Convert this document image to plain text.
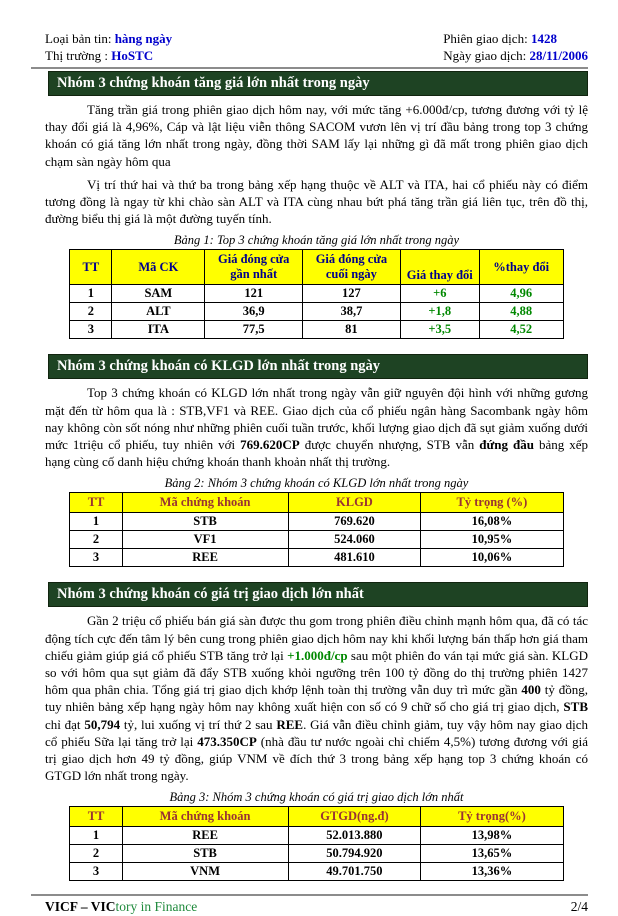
Loại bản tin: hàng ngày
Thị trường : HoSTC
Phiên giao dịch: 1428
Ngày giao dịch: 28/11/2006
Nhóm 3 chứng khoán tăng giá lớn nhất trong ngày

Tăng trần giá trong phiên giao dịch hôm nay, với mức tăng +6.000đ/cp, tương đương với tỷ lệ thay đổi giá là 4,96%, Cáp và lật liệu viễn thông SACOM vươn lên vị trí đầu bảng trong top 3 chứng khoán có giá tăng lớn nhất trong ngày, đồng thời SAM lấy lại những gì đã mất trong phiên giao dịch chạm sàn ngày hôm qua

Vị trí thứ hai và thứ ba trong bảng xếp hạng thuộc về ALT và ITA, hai cổ phiếu này có điểm tương đồng là ngay từ khi chào sàn ALT và ITA cùng nhau bứt phá tăng trần giá liên tục, trên đồ thị, đường biểu thị giá là một đường tuyến tính.

Bảng 1: Top 3 chứng khoán tăng giá lớn nhất trong ngày
TT	Mã CK	Giá đóng cửa gần nhất	Giá đóng cửa cuối ngày	Giá thay đổi	%thay đổi
1	SAM	121	127	+6	4,96
2	ALT	36,9	38,7	+1,8	4,88
3	ITA	77,5	81	+3,5	4,52
Nhóm 3 chứng khoán có KLGD lớn nhất trong ngày

Top 3 chứng khoán có KLGD lớn nhất trong ngày vẫn giữ nguyên đội hình với những gương mặt đến từ hôm qua là : STB,VF1 và REE. Giao dịch của cổ phiếu ngân hàng Sacombank ngày hôm nay không còn sốt nóng như những phiên cuối tuần trước, khối lượng giao dịch đã sụt giảm xuống dưới mức 1triệu cổ phiếu, tuy nhiên với 769.620CP được chuyển nhượng, STB vẫn đứng đầu bảng xếp hạng cùng cố danh hiệu chứng khoán thanh khoản nhất thị trường.

Bảng 2: Nhóm 3 chứng khoán có KLGD lớn nhất trong ngày
TT	Mã chứng khoán	KLGD	Tỷ trọng (%)
1	STB	769.620	16,08%
2	VF1	524.060	10,95%
3	REE	481.610	10,06%
Nhóm 3 chứng khoán có giá trị giao dịch lớn nhất

Gần 2 triệu cổ phiếu bán giá sàn được thu gom trong phiên điều chỉnh mạnh hôm qua, đã có tác động tích cực đến tâm lý bên cung trong phiên giao dịch hôm nay khi khối lượng bán thấp hơn giá tham chiếu giảm giúp giá cổ phiếu STB tăng trở lại +1.000đ/cp sau một phiên đo ván tại mức giá sàn. KLGD so với hôm qua sụt giảm đã đẩy STB xuống khỏi ngưỡng trên 100 tỷ đồng do thị trường phiên 1427 hôm qua phân chia. Tổng giá trị giao dịch khớp lệnh toàn thị trường vẫn duy trì mức gần 400 tỷ đồng, tuy nhiên bảng xếp hạng ngày hôm nay không xuất hiện con số có 9 chữ số cho giá trị giao dịch, STB chỉ đạt 50,794 tỷ, lui xuống vị trí thứ 2 sau REE. Giá vẫn điều chỉnh giảm, tuy vậy hôm nay giao dịch cổ phiếu Sữa lại tăng trở lại 473.350CP (nhà đầu tư nước ngoài chỉ chiếm 4,5%) tương đương với giá trị giao dịch hơn 49 tỷ đồng, giúp VNM về đích thứ 3 trong bảng xếp hạng top 3 chứng khoán có GTGD lớn nhất trong ngày.

Bảng 3: Nhóm 3 chứng khoán có giá trị giao dịch lớn nhất
TT	Mã chứng khoán	GTGD(ng.đ)	Tỷ trọng(%)
1	REE	52.013.880	13,98%
2	STB	50.794.920	13,65%
3	VNM	49.701.750	13,36%
VICF – VICtory in Finance	2/4
